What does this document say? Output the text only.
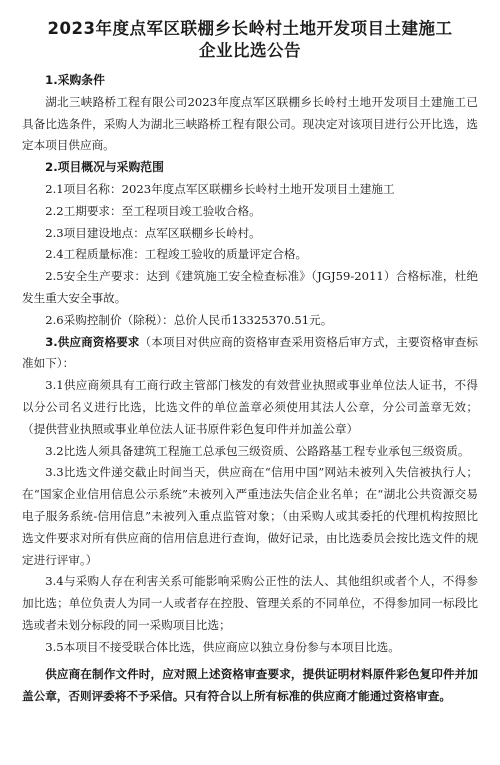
2023年度点军区联棚乡长岭村土地开发项目土建施工
企业比选公告

1.采购条件

湖北三峡路桥工程有限公司2023年度点军区联棚乡长岭村土地开发项目土建施工已具备比选条件，采购人为湖北三峡路桥工程有限公司。现决定对该项目进行公开比选，选定本项目供应商。

2.项目概况与采购范围

2.1项目名称：2023年度点军区联棚乡长岭村土地开发项目土建施工

2.2工期要求：至工程项目竣工验收合格。

2.3项目建设地点：点军区联棚乡长岭村。

2.4工程质量标准：工程竣工验收的质量评定合格。

2.5安全生产要求：达到《建筑施工安全检查标准》（JGJ59-2011）合格标准，杜绝发生重大安全事故。

2.6采购控制价（除税）：总价人民币13325370.51元。

3.供应商资格要求（本项目对供应商的资格审查采用资格后审方式，主要资格审查标准如下）：

3.1供应商须具有工商行政主管部门核发的有效营业执照或事业单位法人证书，不得以分公司名义进行比选，比选文件的单位盖章必须使用其法人公章，分公司盖章无效；（提供营业执照或事业单位法人证书原件彩色复印件并加盖公章）

3.2比选人须具备建筑工程施工总承包三级资质、公路路基工程专业承包三级资质。

3.3比选文件递交截止时间当天，供应商在“信用中国”网站未被列入失信被执行人；在“国家企业信用信息公示系统”未被列入严重违法失信企业名单；在“湖北公共资源交易电子服务系统-信用信息”未被列入重点监管对象；（由采购人或其委托的代理机构按照比选文件要求对所有供应商的信用信息进行查询，做好记录，由比选委员会按比选文件的规定进行评审。）

3.4与采购人存在利害关系可能影响采购公正性的法人、其他组织或者个人，不得参加比选；单位负责人为同一人或者存在控股、管理关系的不同单位，不得参加同一标段比选或者未划分标段的同一采购项目比选；

3.5本项目不接受联合体比选，供应商应以独立身份参与本项目比选。

供应商在制作文件时，应对照上述资格审查要求，提供证明材料原件彩色复印件并加盖公章，否则评委将不予采信。只有符合以上所有标准的供应商才能通过资格审查。
